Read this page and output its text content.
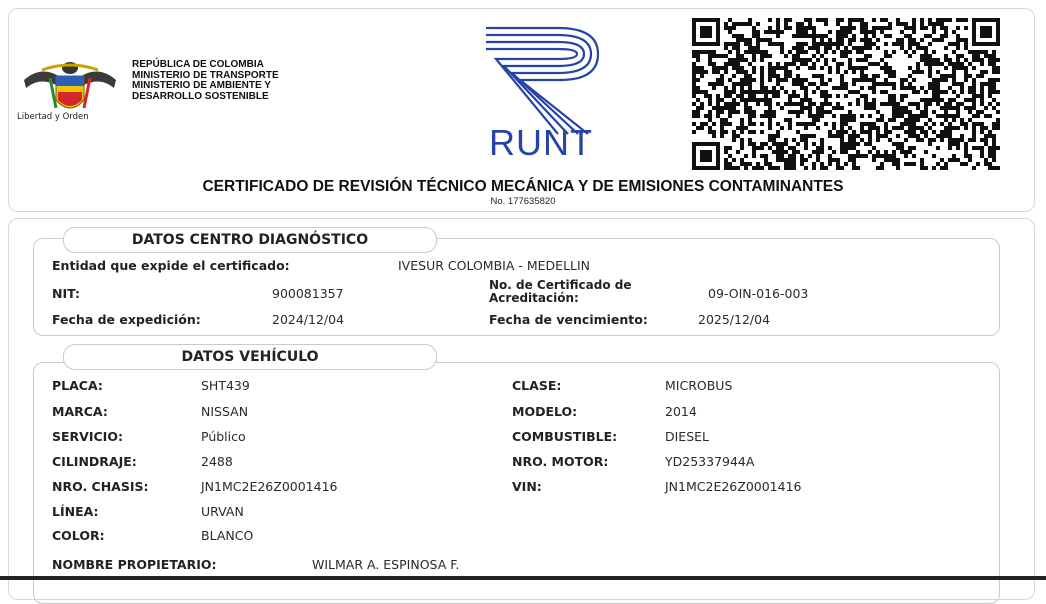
Libertad y Orden
REPÚBLICA DE COLOMBIA
MINISTERIO DE TRANSPORTE
MINISTERIO DE AMBIENTE Y
DESARROLLO SOSTENIBLE
RUNT
CERTIFICADO DE REVISIÓN TÉCNICO MECÁNICA Y DE EMISIONES CONTAMINANTES
No. 177635820
DATOS CENTRO DIAGNÓSTICO
Entidad que expide el certificado:	IVESUR COLOMBIA - MEDELLIN
NIT:	900081357
No. de Certificado de
Acreditación:	09-OIN-016-003
Fecha de expedición:	2024/12/04	Fecha de vencimiento:	2025/12/04
DATOS VEHÍCULO
PLACA:	SHT439	CLASE:	MICROBUS
MARCA:	NISSAN	MODELO:	2014
SERVICIO:	Público	COMBUSTIBLE:	DIESEL
CILINDRAJE:	2488	NRO. MOTOR:	YD25337944A
NRO. CHASIS:	JN1MC2E26Z0001416	VIN:	JN1MC2E26Z0001416
LÍNEA:	URVAN
COLOR:	BLANCO
NOMBRE PROPIETARIO:	WILMAR A. ESPINOSA F.
